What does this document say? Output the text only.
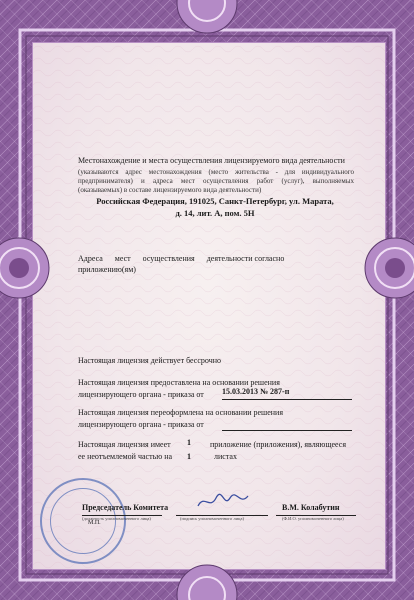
Местонахождение и места осуществления лицензируемого вида деятельности
(указываются адрес местонахождения (место жительства - для индивидуального предпринимателя) и адреса мест осуществления работ (услуг), выполняемых (оказываемых) в составе лицензируемого вида деятельности)
Российская Федерация, 191025, Санкт-Петербург, ул. Марата,
д. 14, лит. А, пом. 5Н
Адреса      мест      осуществления      деятельности согласно
приложению(ям)
Настоящая лицензия действует бессрочно
Настоящая лицензия предоставлена на основании решения
лицензирующего органа - приказа от 15.03.2013 № 287-п
Настоящая лицензия переоформлена на основании решения
лицензирующего органа - приказа от
Настоящая лицензия имеет 1 приложение (приложения), являющееся
ее неотъемлемой частью на 1	листах
Председатель Комитета
(должность уполномоченного лица)	(подпись уполномоченного лица)
В.М. Колабутин
(Ф.И.О. уполномоченного лица)
М.П.
